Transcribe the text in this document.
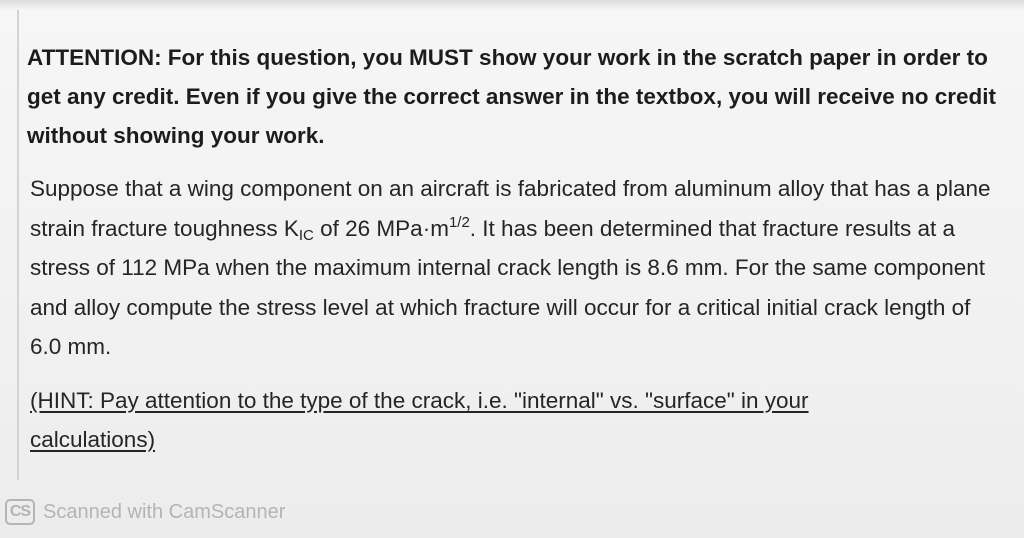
ATTENTION: For this question, you MUST show your work in the scratch paper in order to get any credit. Even if you give the correct answer in the textbox, you will receive no credit without showing your work.

Suppose that a wing component on an aircraft is fabricated from aluminum alloy that has a plane strain fracture toughness $K_{IC}$ of 26 $MPa\cdot m^{1/2}$. It has been determined that fracture results at a stress of 112 MPa when the maximum internal crack length is 8.6 mm. For the same component and alloy compute the stress level at which fracture will occur for a critical initial crack length of 6.0 mm.

(HINT: Pay attention to the type of the crack, i.e. "internal" vs. "surface" in your calculations)

CS Scanned with CamScanner
